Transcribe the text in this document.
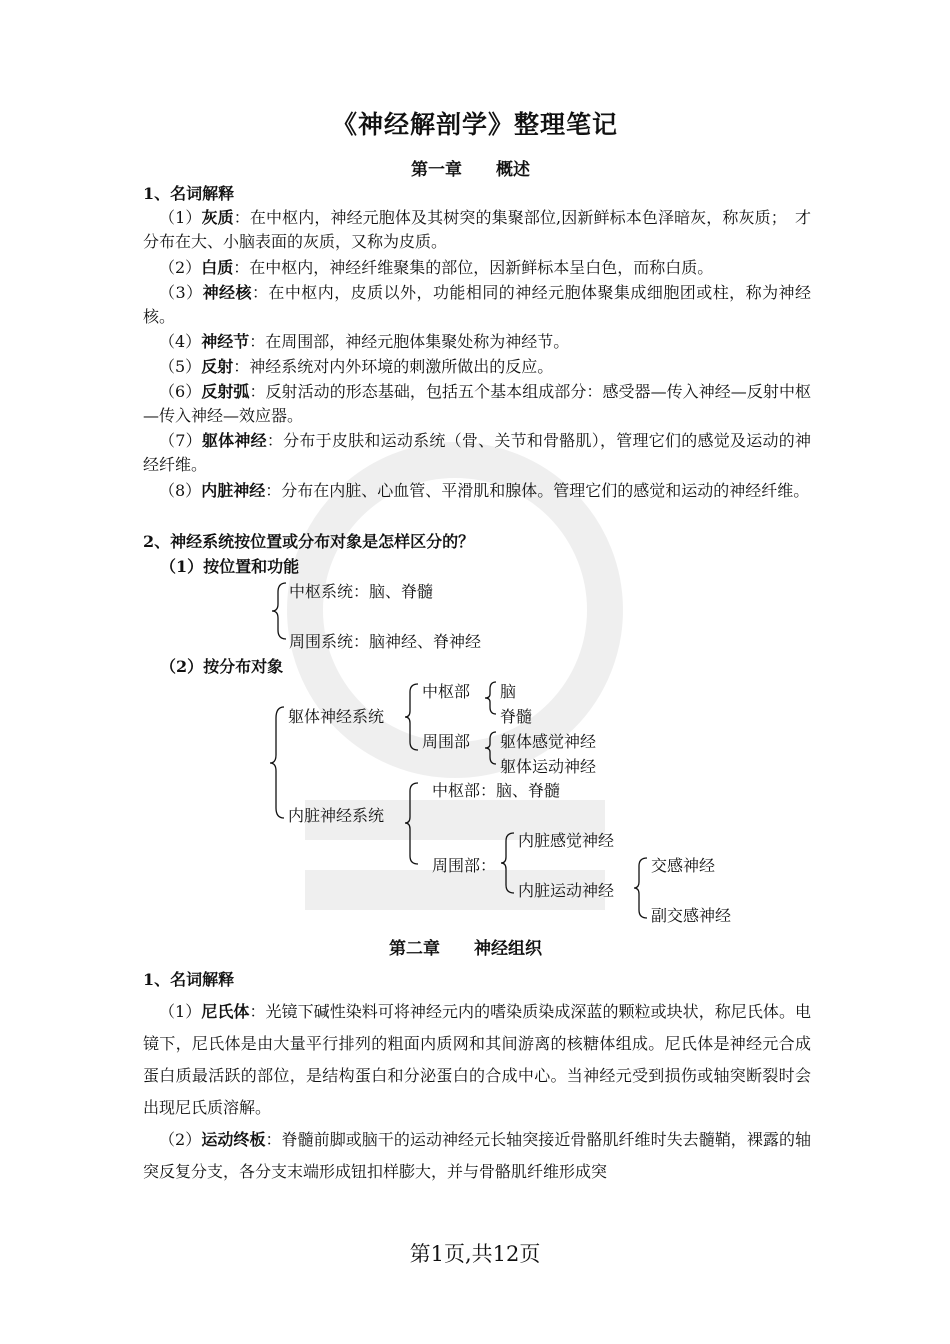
《神经解剖学》整理笔记
第一章 概述
1、名词解释
（1）灰质：在中枢内，神经元胞体及其树突的集聚部位,因新鲜标本色泽暗灰，称灰质；　才　分布在大、小脑表面的灰质，又称为皮质。
（2）白质：在中枢内，神经纤维聚集的部位，因新鲜标本呈白色，而称白质。
（3）神经核：在中枢内，皮质以外，功能相同的神经元胞体聚集成细胞团或柱，称为神经核。
（4）神经节：在周围部，神经元胞体集聚处称为神经节。
（5）反射：神经系统对内外环境的刺激所做出的反应。
（6）反射弧：反射活动的形态基础，包括五个基本组成部分：感受器—传入神经—反射中枢—传入神经—效应器。
（7）躯体神经：分布于皮肤和运动系统（骨、关节和骨骼肌），管理它们的感觉及运动的神经纤维。
（8）内脏神经：分布在内脏、心血管、平滑肌和腺体。管理它们的感觉和运动的神经纤维。
2、神经系统按位置或分布对象是怎样区分的？
（1）按位置和功能
中枢系统：脑、脊髓
周围系统：脑神经、脊神经
（2）按分布对象
躯体神经系统
中枢部 脑
脊髓
周围部 躯体感觉神经
躯体运动神经
内脏神经系统
中枢部：脑、脊髓
周围部：
内脏感觉神经
内脏运动神经
交感神经
副交感神经
第二章 神经组织
1、名词解释
（1）尼氏体：光镜下碱性染料可将神经元内的嗜染质染成深蓝的颗粒或块状，称尼氏体。电镜下，尼氏体是由大量平行排列的粗面内质网和其间游离的核糖体组成。尼氏体是神经元合成蛋白质最活跃的部位，是结构蛋白和分泌蛋白的合成中心。当神经元受到损伤或轴突断裂时会出现尼氏质溶解。
（2）运动终板：脊髓前脚或脑干的运动神经元长轴突接近骨骼肌纤维时失去髓鞘，裸露的轴突反复分支，各分支末端形成钮扣样膨大，并与骨骼肌纤维形成突
第1页,共12页
